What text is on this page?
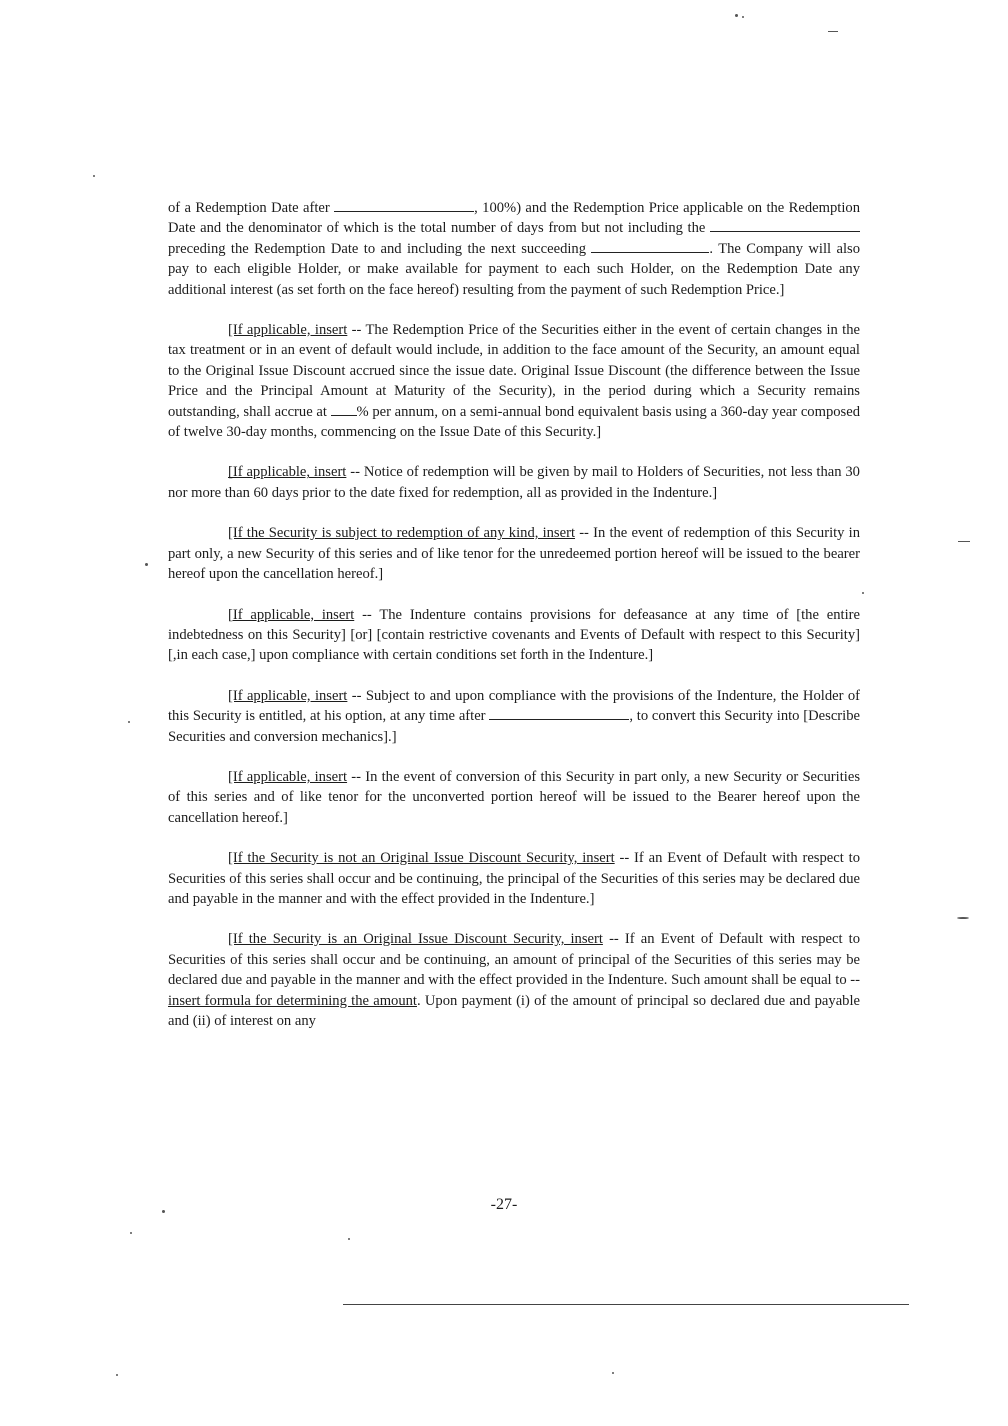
of a Redemption Date after	, 100%) and the Redemption Price applicable on the Redemption Date and the denominator of which is the total number of days from but not including the  preceding the Redemption Date to and including the next succeeding	. The Company will also pay to each eligible Holder, or make available for payment to each such Holder, on the Redemption Date any additional interest (as set forth on the face hereof) resulting from the payment of such Redemption Price.]

[If applicable, insert -- The Redemption Price of the Securities either in the event of certain changes in the tax treatment or in an event of default would include, in addition to the face amount of the Security, an amount equal to the Original Issue Discount accrued since the issue date. Original Issue Discount (the difference between the Issue Price and the Principal Amount at Maturity of the Security), in the period during which a Security remains outstanding, shall accrue at % per annum, on a semi-annual bond equivalent basis using a 360-day year composed of twelve 30-day months, commencing on the Issue Date of this Security.]

[If applicable, insert -- Notice of redemption will be given by mail to Holders of Securities, not less than 30 nor more than 60 days prior to the date fixed for redemption, all as provided in the Indenture.]

[If the Security is subject to redemption of any kind, insert -- In the event of redemption of this Security in part only, a new Security of this series and of like tenor for the unredeemed portion hereof will be issued to the bearer hereof upon the cancellation hereof.]

[If applicable, insert -- The Indenture contains provisions for defeasance at any time of [the entire indebtedness on this Security] [or] [contain restrictive covenants and Events of Default with respect to this Security] [,in each case,] upon compliance with certain conditions set forth in the Indenture.]

[If applicable, insert -- Subject to and upon compliance with the provisions of the Indenture, the Holder of this Security is entitled, at his option, at any time after	, to convert this Security into [Describe Securities and conversion mechanics].]

[If applicable, insert -- In the event of conversion of this Security in part only, a new Security or Securities of this series and of like tenor for the unconverted portion hereof will be issued to the Bearer hereof upon the cancellation hereof.]

[If the Security is not an Original Issue Discount Security, insert -- If an Event of Default with respect to Securities of this series shall occur and be continuing, the principal of the Securities of this series may be declared due and payable in the manner and with the effect provided in the Indenture.]

[If the Security is an Original Issue Discount Security, insert -- If an Event of Default with respect to Securities of this series shall occur and be continuing, an amount of principal of the Securities of this series may be declared due and payable in the manner and with the effect provided in the Indenture. Such amount shall be equal to --insert formula for determining the amount. Upon payment (i) of the amount of principal so declared due and payable and (ii) of interest on any

-27-
